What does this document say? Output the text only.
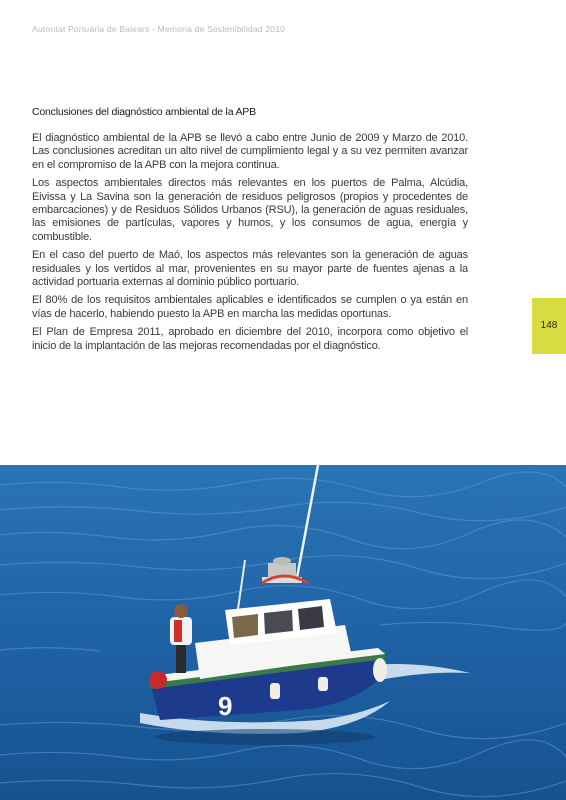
Autoritat Portuària de Balears - Memoria de Sostenibilidad 2010
Conclusiones del diagnóstico ambiental de la APB

El diagnóstico ambiental de la APB se llevó a cabo entre Junio de 2009 y Marzo de 2010. Las conclusiones acreditan un alto nivel de cumplimiento legal y a su vez permiten avanzar en el compromiso de la APB con la mejora continua.

Los aspectos ambientales directos más relevantes en los puertos de Palma, Alcúdia, Eivissa y La Savina son la generación de residuos peligrosos (propios y procedentes de embarcaciones) y de Residuos Sólidos Urbanos (RSU), la generación de aguas residuales, las emisiones de partículas, vapores y humos, y los consumos de agua, energía y combustible.

En el caso del puerto de Maó, los aspectos más relevantes son la generación de aguas residuales y los vertidos al mar, provenientes en su mayor parte de fuentes ajenas a la actividad portuaria externas al dominio público portuario.

El 80% de los requisitos ambientales aplicables e identificados se cumplen o ya están en vías de hacerlo, habiendo puesto la APB en marcha las medidas oportunas.

El Plan de Empresa 2011, aprobado en diciembre del 2010, incorpora como objetivo el inicio de la implantación de las mejoras recomendadas por el diagnóstico.

148
9
